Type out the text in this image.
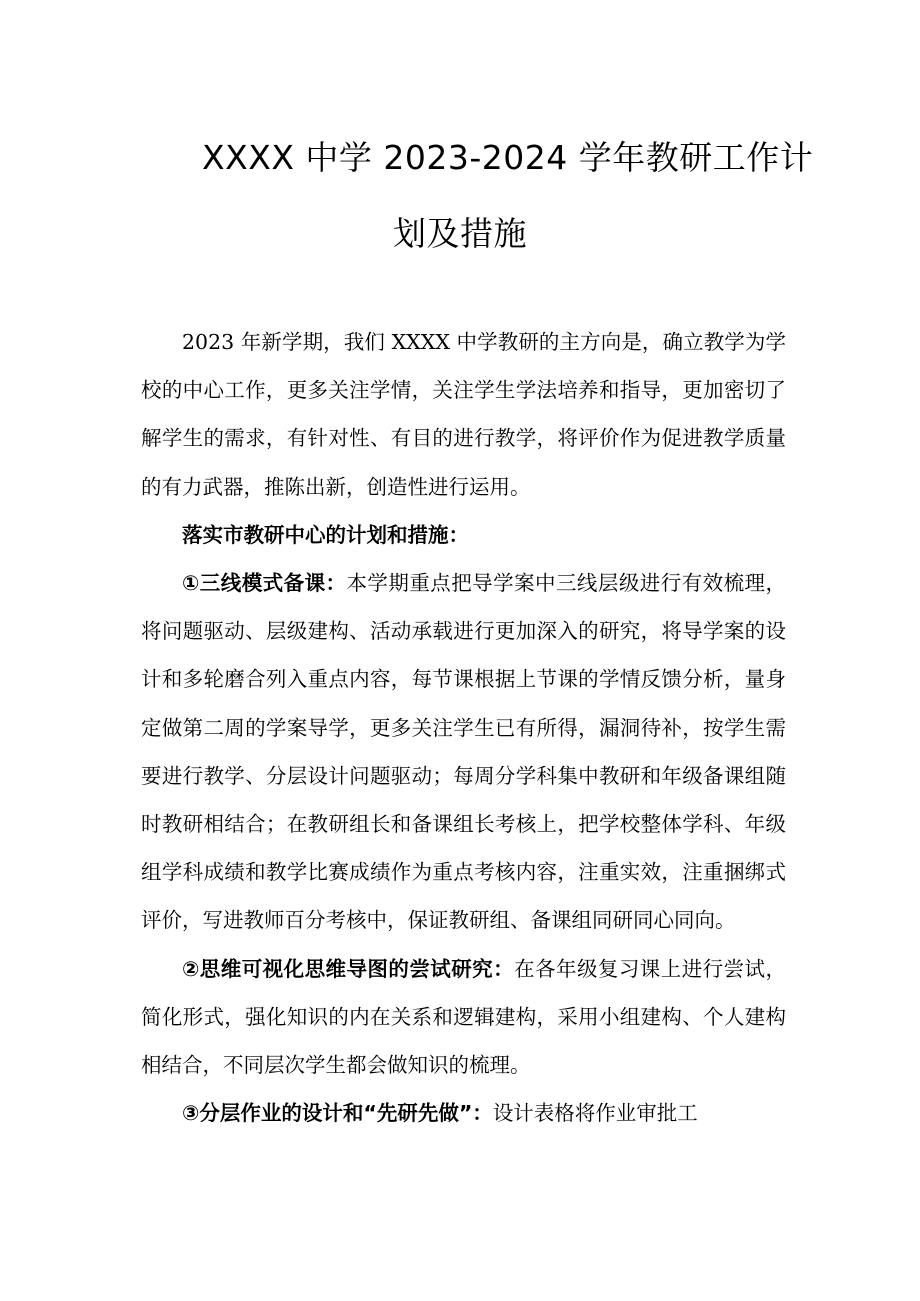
XXXX 中学 2023-2024 学年教研工作计
划及措施

2023 年新学期，我们 XXXX 中学教研的主方向是，确立教学为学校的中心工作，更多关注学情，关注学生学法培养和指导，更加密切了解学生的需求，有针对性、有目的进行教学，将评价作为促进教学质量的有力武器，推陈出新，创造性进行运用。

落实市教研中心的计划和措施：

①三线模式备课：本学期重点把导学案中三线层级进行有效梳理，将问题驱动、层级建构、活动承载进行更加深入的研究，将导学案的设计和多轮磨合列入重点内容，每节课根据上节课的学情反馈分析，量身定做第二周的学案导学，更多关注学生已有所得，漏洞待补，按学生需要进行教学、分层设计问题驱动；每周分学科集中教研和年级备课组随时教研相结合；在教研组长和备课组长考核上，把学校整体学科、年级组学科成绩和教学比赛成绩作为重点考核内容，注重实效，注重捆绑式评价，写进教师百分考核中，保证教研组、备课组同研同心同向。

②思维可视化思维导图的尝试研究：在各年级复习课上进行尝试，简化形式，强化知识的内在关系和逻辑建构，采用小组建构、个人建构相结合，不同层次学生都会做知识的梳理。

③分层作业的设计和“先研先做”：设计表格将作业审批工
